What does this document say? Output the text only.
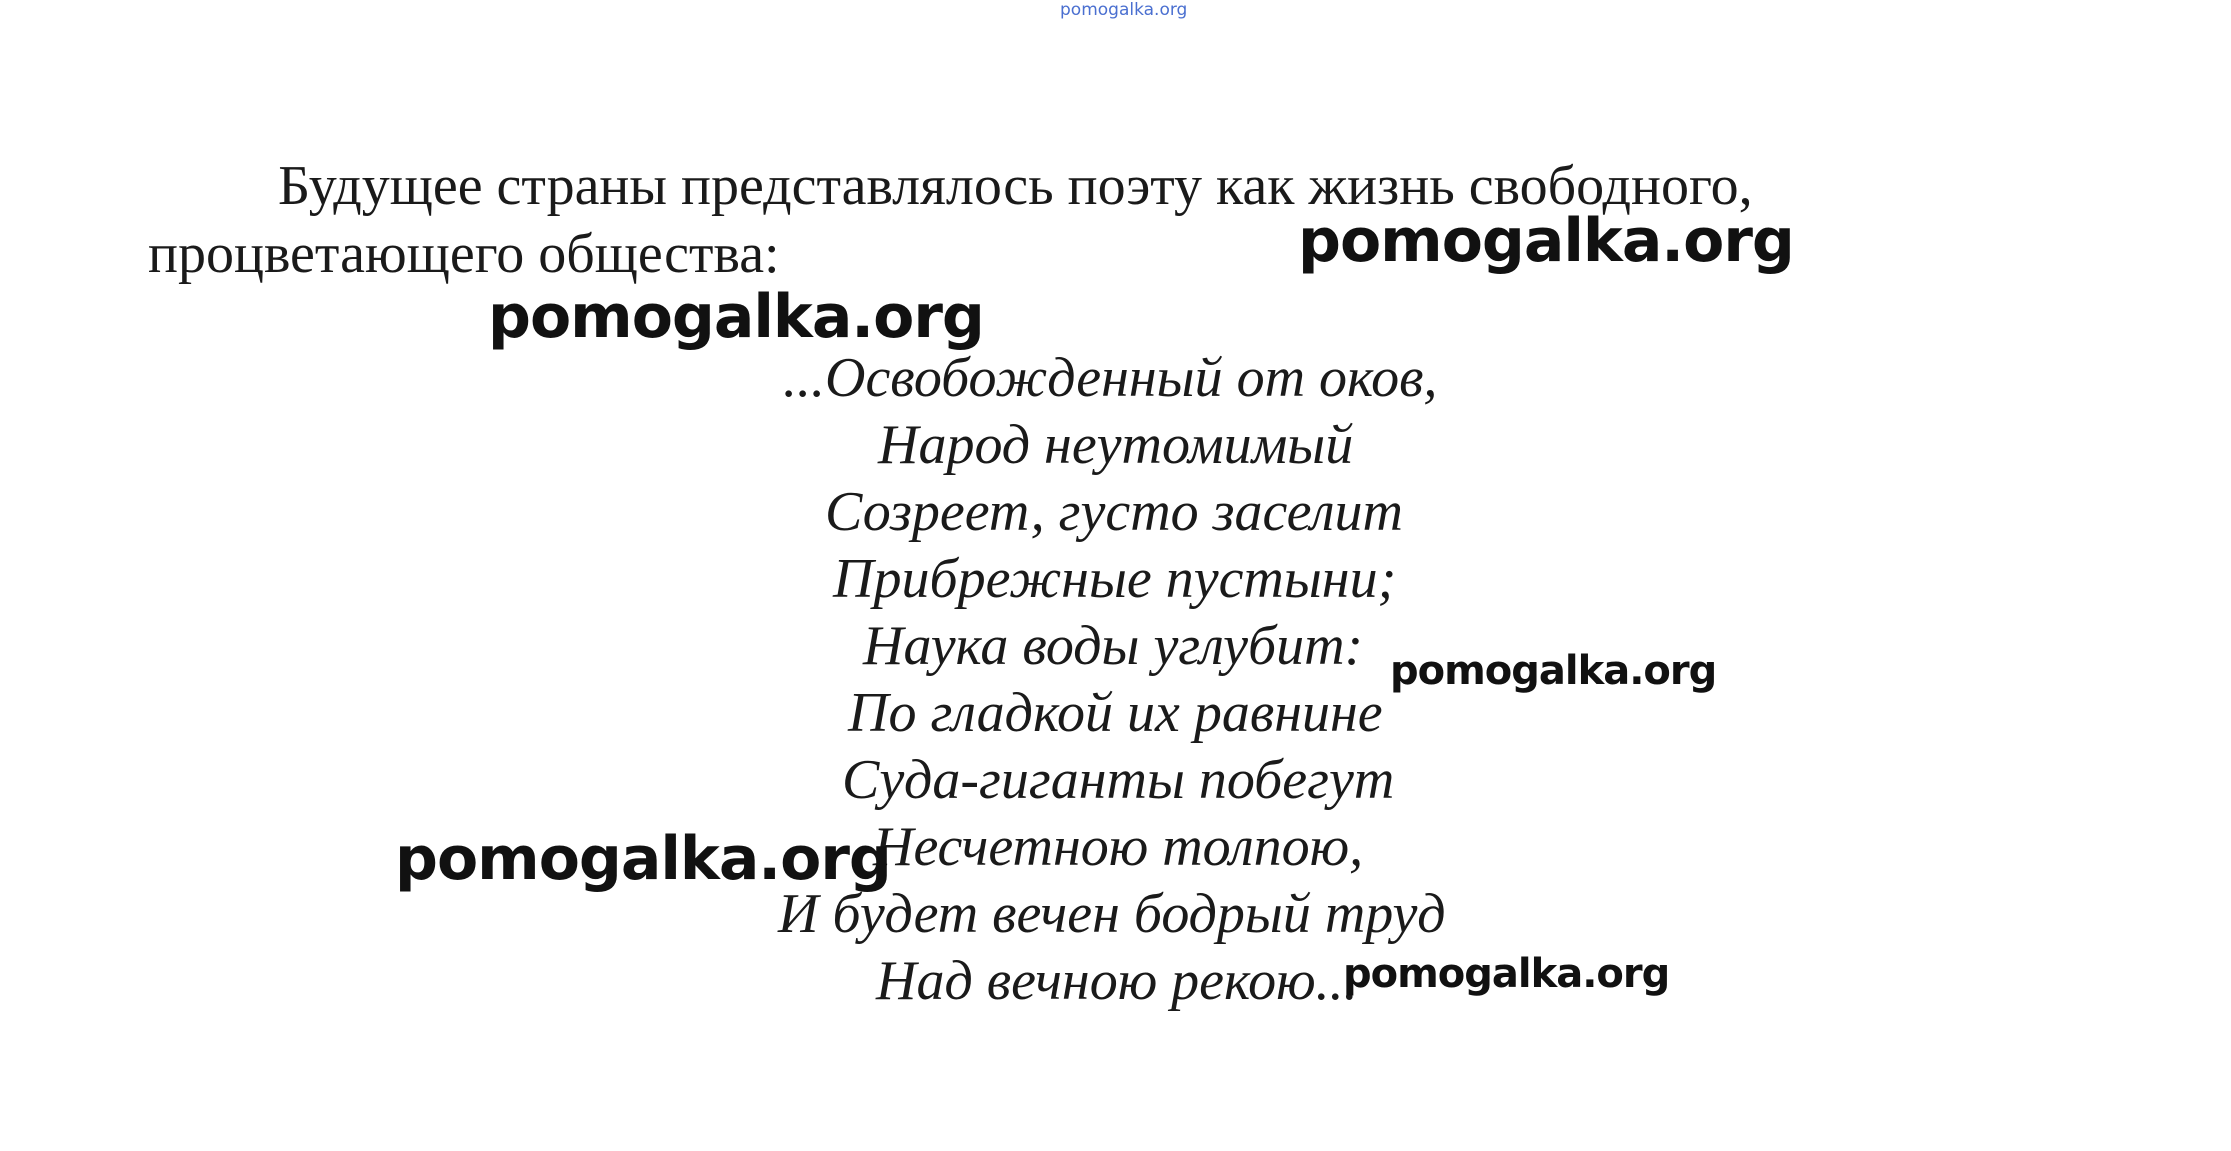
pomogalka.org
Будущее страны представлялось поэту как жизнь свободного,
процветающего общества:
...Освобожденный от оков,
Народ неутомимый
Созреет, густо заселит
Прибрежные пустыни;
Наука воды углубит:
По гладкой их равнине
Суда-гиганты побегут
Несчетною толпою,
И будет вечен бодрый труд
Над вечною рекою...
pomogalka.org
pomogalka.org
pomogalka.org
pomogalka.org
pomogalka.org
